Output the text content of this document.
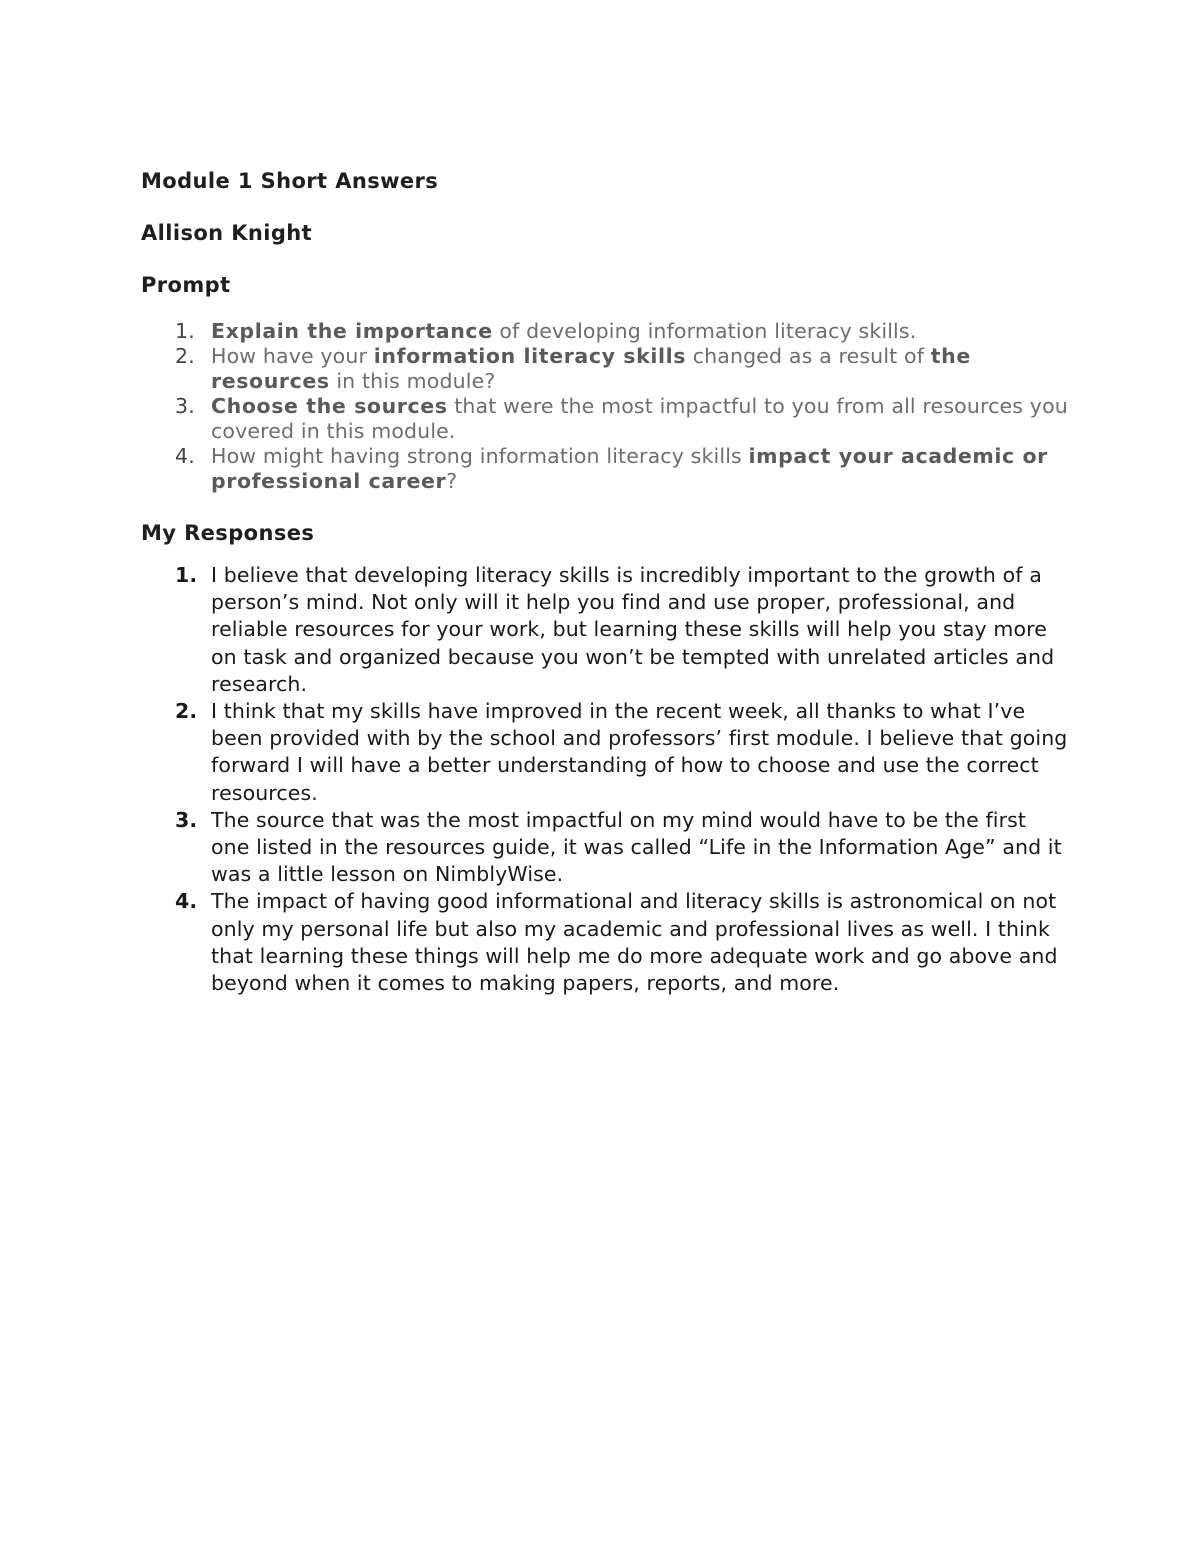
Module 1 Short Answers

Allison Knight

Prompt

1. Explain the importance of developing information literacy skills.
2. How have your information literacy skills changed as a result of the resources in this module?
3. Choose the sources that were the most impactful to you from all resources you covered in this module.
4. How might having strong information literacy skills impact your academic or professional career?

My Responses

1. I believe that developing literacy skills is incredibly important to the growth of a person’s mind. Not only will it help you find and use proper, professional, and reliable resources for your work, but learning these skills will help you stay more on task and organized because you won’t be tempted with unrelated articles and research.
2. I think that my skills have improved in the recent week, all thanks to what I’ve been provided with by the school and professors’ first module. I believe that going forward I will have a better understanding of how to choose and use the correct resources.
3. The source that was the most impactful on my mind would have to be the first one listed in the resources guide, it was called “Life in the Information Age” and it was a little lesson on NimblyWise.
4. The impact of having good informational and literacy skills is astronomical on not only my personal life but also my academic and professional lives as well. I think that learning these things will help me do more adequate work and go above and beyond when it comes to making papers, reports, and more.
